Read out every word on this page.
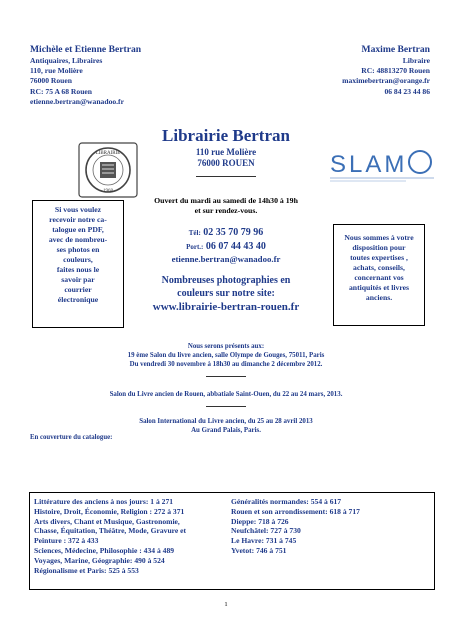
Michèle et Etienne Bertran
Antiquaires, Libraires
110, rue Molière
76000 Rouen
RC: 75 A 68 Rouen
etienne.bertran@wanadoo.fr
Maxime Bertran
Libraire
RC: 48813270 Rouen
maximebertran@orange.fr
06 84 23 44 86
Librairie Bertran
110 rue Molière
76000 ROUEN
LIBRAIRIE
1968
SLAM
Ouvert du mardi au samedi de 14h30 à 19h
et sur rendez-vous.
Tél: 02 35 70 79 96
Port.: 06 07 44 43 40
etienne.bertran@wanadoo.fr
Nombreuses photographies en
couleurs sur notre site:
www.librairie-bertran-rouen.fr
Si vous voulez
recevoir notre ca-
talogue en PDF,
avec de nombreu-
ses photos en
couleurs,
faites nous le
savoir par
courrier
électronique
Nous sommes à votre
disposition pour
toutes expertises ,
achats, conseils,
concernant vos
antiquités et livres
anciens.
Nous serons présents aux:
19 ème Salon du livre ancien, salle Olympe de Gouges, 75011, Paris
Du vendredi 30 novembre à 18h30 au dimanche 2 décembre 2012.
Salon du Livre ancien de Rouen, abbatiale Saint-Ouen, du 22 au 24 mars, 2013.
Salon International du Livre ancien, du 25 au 28 avril 2013
Au Grand Palais, Paris.
En couverture du catalogue:
Littérature des anciens à nos jours: 1 à 271
Histoire, Droit, Économie, Religion : 272 à 371
Arts divers, Chant et Musique, Gastronomie,
Chasse, Équitation, Théâtre, Mode, Gravure et
Peinture : 372 à 433
Sciences, Médecine, Philosophie : 434 à 489
Voyages, Marine, Géographie: 490 à 524
Régionalisme et Paris: 525 à 553
Généralités normandes: 554 à 617
Rouen et son arrondissement: 618 à 717
Dieppe: 718 à 726
Neufchâtel: 727 à 730
Le Havre: 731 à 745
Yvetot: 746 à 751
1
